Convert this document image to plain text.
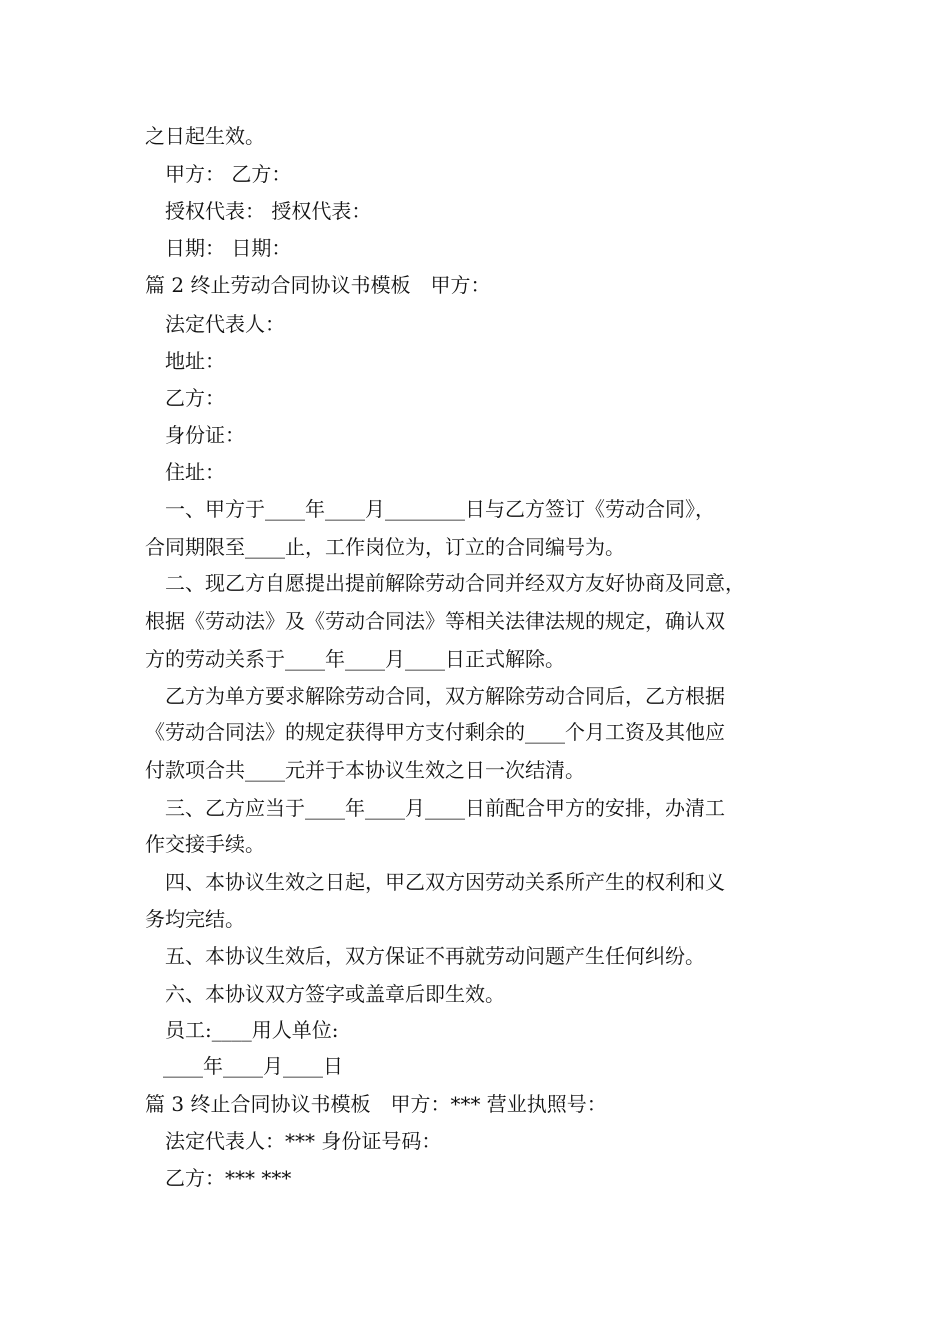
之日起生效。
甲方： 乙方：
授权代表： 授权代表：
日期： 日期：
篇 2 终止劳动合同协议书模板　甲方：
法定代表人：
地址：
乙方：
身份证：
住址：
一、甲方于____年____月________日与乙方签订《劳动合同》，
合同期限至____止，工作岗位为，订立的合同编号为。
二、现乙方自愿提出提前解除劳动合同并经双方友好协商及同意，
根据《劳动法》及《劳动合同法》等相关法律法规的规定，确认双
方的劳动关系于____年____月____日正式解除。
乙方为单方要求解除劳动合同，双方解除劳动合同后，乙方根据
《劳动合同法》的规定获得甲方支付剩余的____个月工资及其他应
付款项合共____元并于本协议生效之日一次结清。
三、乙方应当于____年____月____日前配合甲方的安排，办清工
作交接手续。
四、本协议生效之日起，甲乙双方因劳动关系所产生的权利和义
务均完结。
五、本协议生效后，双方保证不再就劳动问题产生任何纠纷。
六、本协议双方签字或盖章后即生效。
员工:____用人单位:
____年____月____日
篇 3 终止合同协议书模板　甲方：*** 营业执照号：
法定代表人：*** 身份证号码：
乙方：*** ***
